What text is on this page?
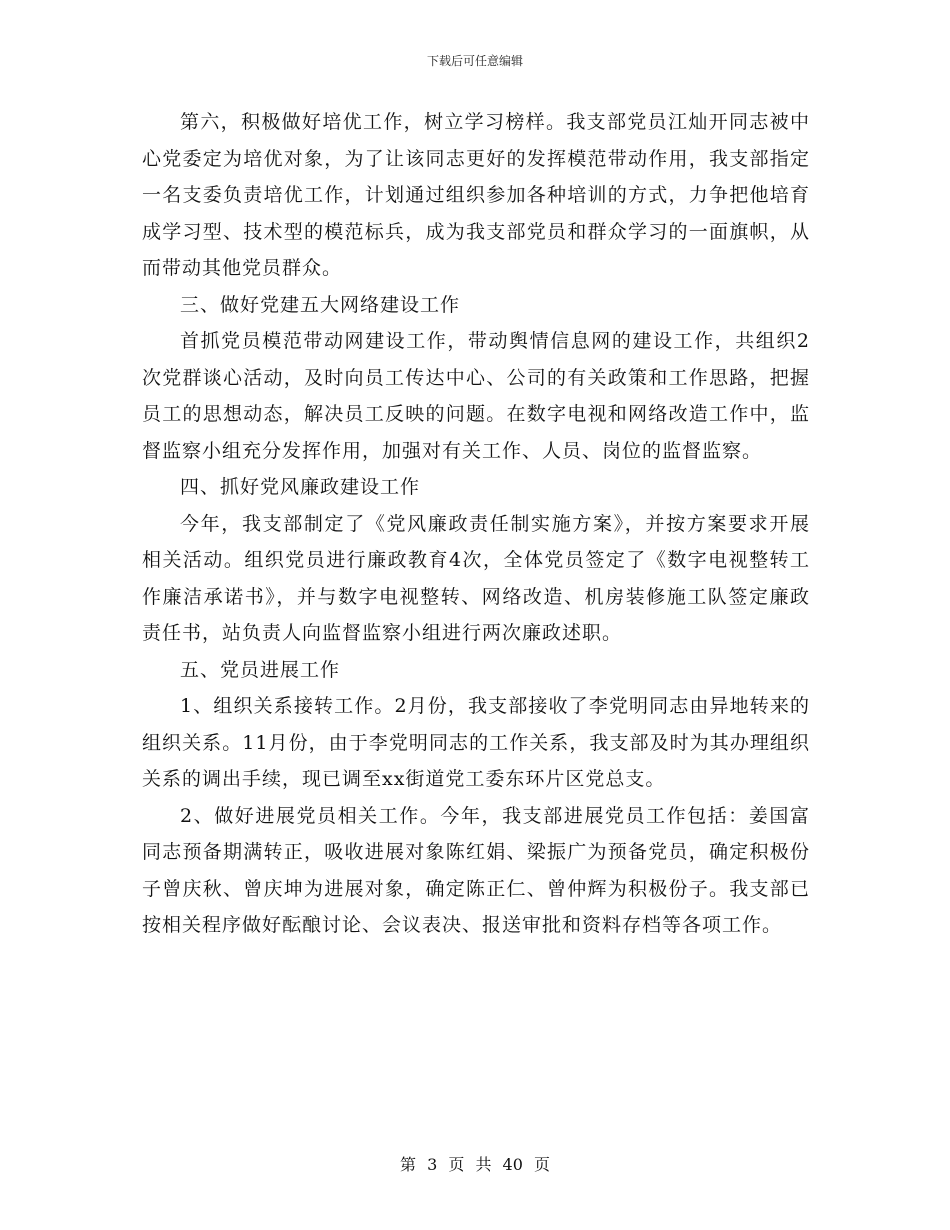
下载后可任意编辑

第六，积极做好培优工作，树立学习榜样。我支部党员江灿开同志被中心党委定为培优对象，为了让该同志更好的发挥模范带动作用，我支部指定一名支委负责培优工作，计划通过组织参加各种培训的方式，力争把他培育成学习型、技术型的模范标兵，成为我支部党员和群众学习的一面旗帜，从而带动其他党员群众。

三、做好党建五大网络建设工作

首抓党员模范带动网建设工作，带动舆情信息网的建设工作，共组织2次党群谈心活动，及时向员工传达中心、公司的有关政策和工作思路，把握员工的思想动态，解决员工反映的问题。在数字电视和网络改造工作中，监督监察小组充分发挥作用，加强对有关工作、人员、岗位的监督监察。

四、抓好党风廉政建设工作

今年，我支部制定了《党风廉政责任制实施方案》，并按方案要求开展相关活动。组织党员进行廉政教育4次，全体党员签定了《数字电视整转工作廉洁承诺书》，并与数字电视整转、网络改造、机房装修施工队签定廉政责任书，站负责人向监督监察小组进行两次廉政述职。

五、党员进展工作

1、组织关系接转工作。2月份，我支部接收了李党明同志由异地转来的组织关系。11月份，由于李党明同志的工作关系，我支部及时为其办理组织关系的调出手续，现已调至xx街道党工委东环片区党总支。

2、做好进展党员相关工作。今年，我支部进展党员工作包括：姜国富同志预备期满转正，吸收进展对象陈红娟、梁振广为预备党员，确定积极份子曾庆秋、曾庆坤为进展对象，确定陈正仁、曾仲辉为积极份子。我支部已按相关程序做好酝酿讨论、会议表决、报送审批和资料存档等各项工作。

第 3 页 共 40 页
